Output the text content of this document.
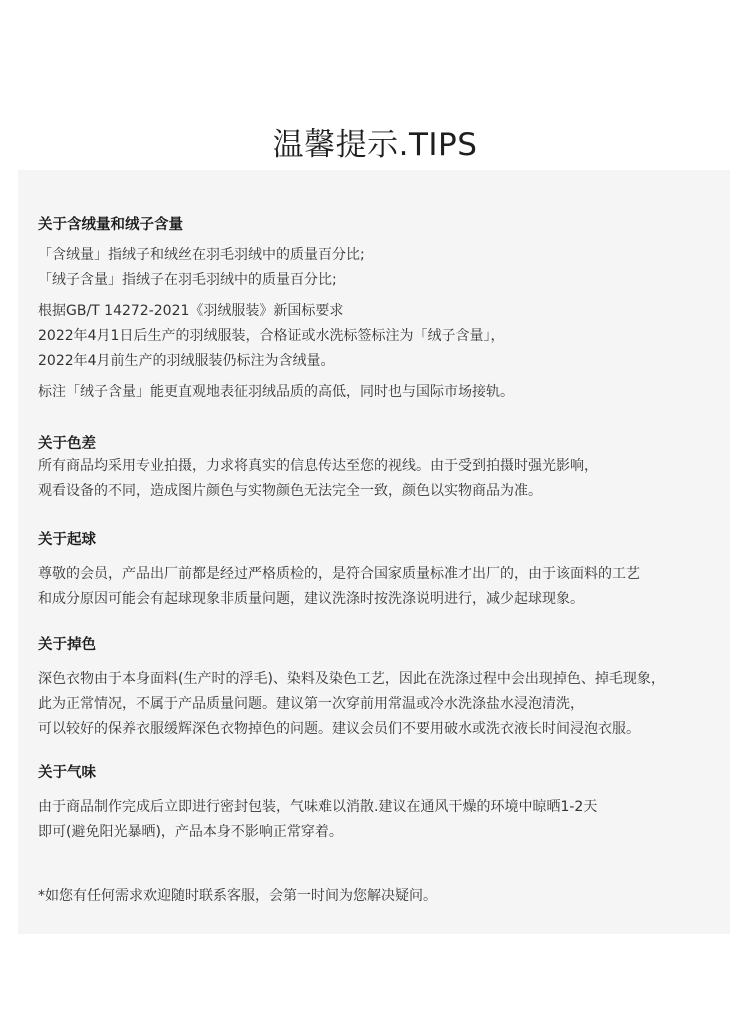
温馨提示.TIPS

关于含绒量和绒子含量

「含绒量」指绒子和绒丝在羽毛羽绒中的质量百分比;

「绒子含量」指绒子在羽毛羽绒中的质量百分比;

根据GB/T 14272-2021《羽绒服装》新国标要求

2022年4月1日后生产的羽绒服装，合格证或水洗标签标注为「绒子含量」，

2022年4月前生产的羽绒服装仍标注为含绒量。

标注「绒子含量」能更直观地表征羽绒品质的高低，同时也与国际市场接轨。

关于色差

所有商品均采用专业拍摄，力求将真实的信息传达至您的视线。由于受到拍摄时强光影响，

观看设备的不同，造成图片颜色与实物颜色无法完全一致，颜色以实物商品为准。

关于起球

尊敬的会员，产品出厂前都是经过严格质检的，是符合国家质量标准才出厂的，由于该面料的工艺

和成分原因可能会有起球现象非质量问题，建议洗涤时按洗涤说明进行，减少起球现象。

关于掉色

深色衣物由于本身面料(生产时的浮毛)、染料及染色工艺，因此在洗涤过程中会出现掉色、掉毛现象，

此为正常情况，不属于产品质量问题。建议第一次穿前用常温或冷水洗涤盐水浸泡清洗，

可以较好的保养衣服缓辉深色衣物掉色的问题。建议会员们不要用破水或洗衣液长时间浸泡衣服。

关于气味

由于商品制作完成后立即进行密封包装，气味难以消散.建议在通风干燥的环境中晾晒1-2天

即可(避免阳光暴晒)，产品本身不影响正常穿着。

*如您有任何需求欢迎随时联系客服，会第一时间为您解决疑问。
